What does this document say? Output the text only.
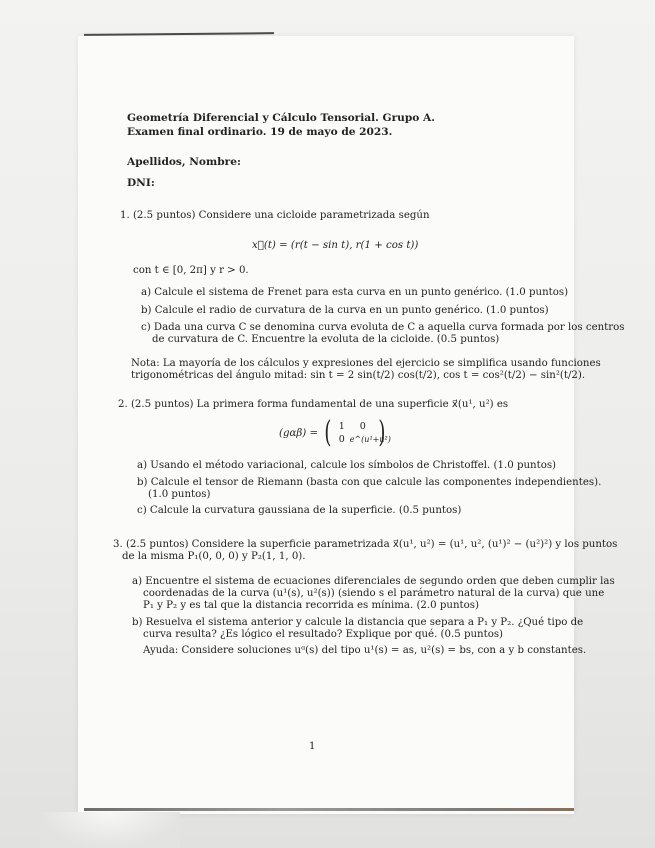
Geometría Diferencial y Cálculo Tensorial. Grupo A.
Examen final ordinario. 19 de mayo de 2023.
Apellidos, Nombre:
DNI:
1. (2.5 puntos) Considere una cicloide parametrizada según
x⃗(t) = (r(t − sin t), r(1 + cos t))
con t ∈ [0, 2π] y r > 0.
a) Calcule el sistema de Frenet para esta curva en un punto genérico. (1.0 puntos)
b) Calcule el radio de curvatura de la curva en un punto genérico. (1.0 puntos)
c) Dada una curva C se denomina curva evoluta de C a aquella curva formada por los centros
de curvatura de C. Encuentre la evoluta de la cicloide. (0.5 puntos)
Nota: La mayoría de los cálculos y expresiones del ejercicio se simplifica usando funciones
trigonométricas del ángulo mitad: sin t = 2 sin(t/2) cos(t/2), cos t = cos²(t/2) − sin²(t/2).
2. (2.5 puntos) La primera forma fundamental de una superficie x⃗(u¹, u²) es
(gαβ) = ( 1	0
0 e^(u¹+u²)
)
a) Usando el método variacional, calcule los símbolos de Christoffel. (1.0 puntos)
b) Calcule el tensor de Riemann (basta con que calcule las componentes independientes).
(1.0 puntos)
c) Calcule la curvatura gaussiana de la superficie. (0.5 puntos)
3. (2.5 puntos) Considere la superficie parametrizada x⃗(u¹, u²) = (u¹, u², (u¹)² − (u²)²) y los puntos
de la misma P₁(0, 0, 0) y P₂(1, 1, 0).
a) Encuentre el sistema de ecuaciones diferenciales de segundo orden que deben cumplir las
coordenadas de la curva (u¹(s), u²(s)) (siendo s el parámetro natural de la curva) que une
P₁ y P₂ y es tal que la distancia recorrida es mínima. (2.0 puntos)
b) Resuelva el sistema anterior y calcule la distancia que separa a P₁ y P₂. ¿Qué tipo de
curva resulta? ¿Es lógico el resultado? Explique por qué. (0.5 puntos)
Ayuda: Considere soluciones uᵅ(s) del tipo u¹(s) = as, u²(s) = bs, con a y b constantes.
1
